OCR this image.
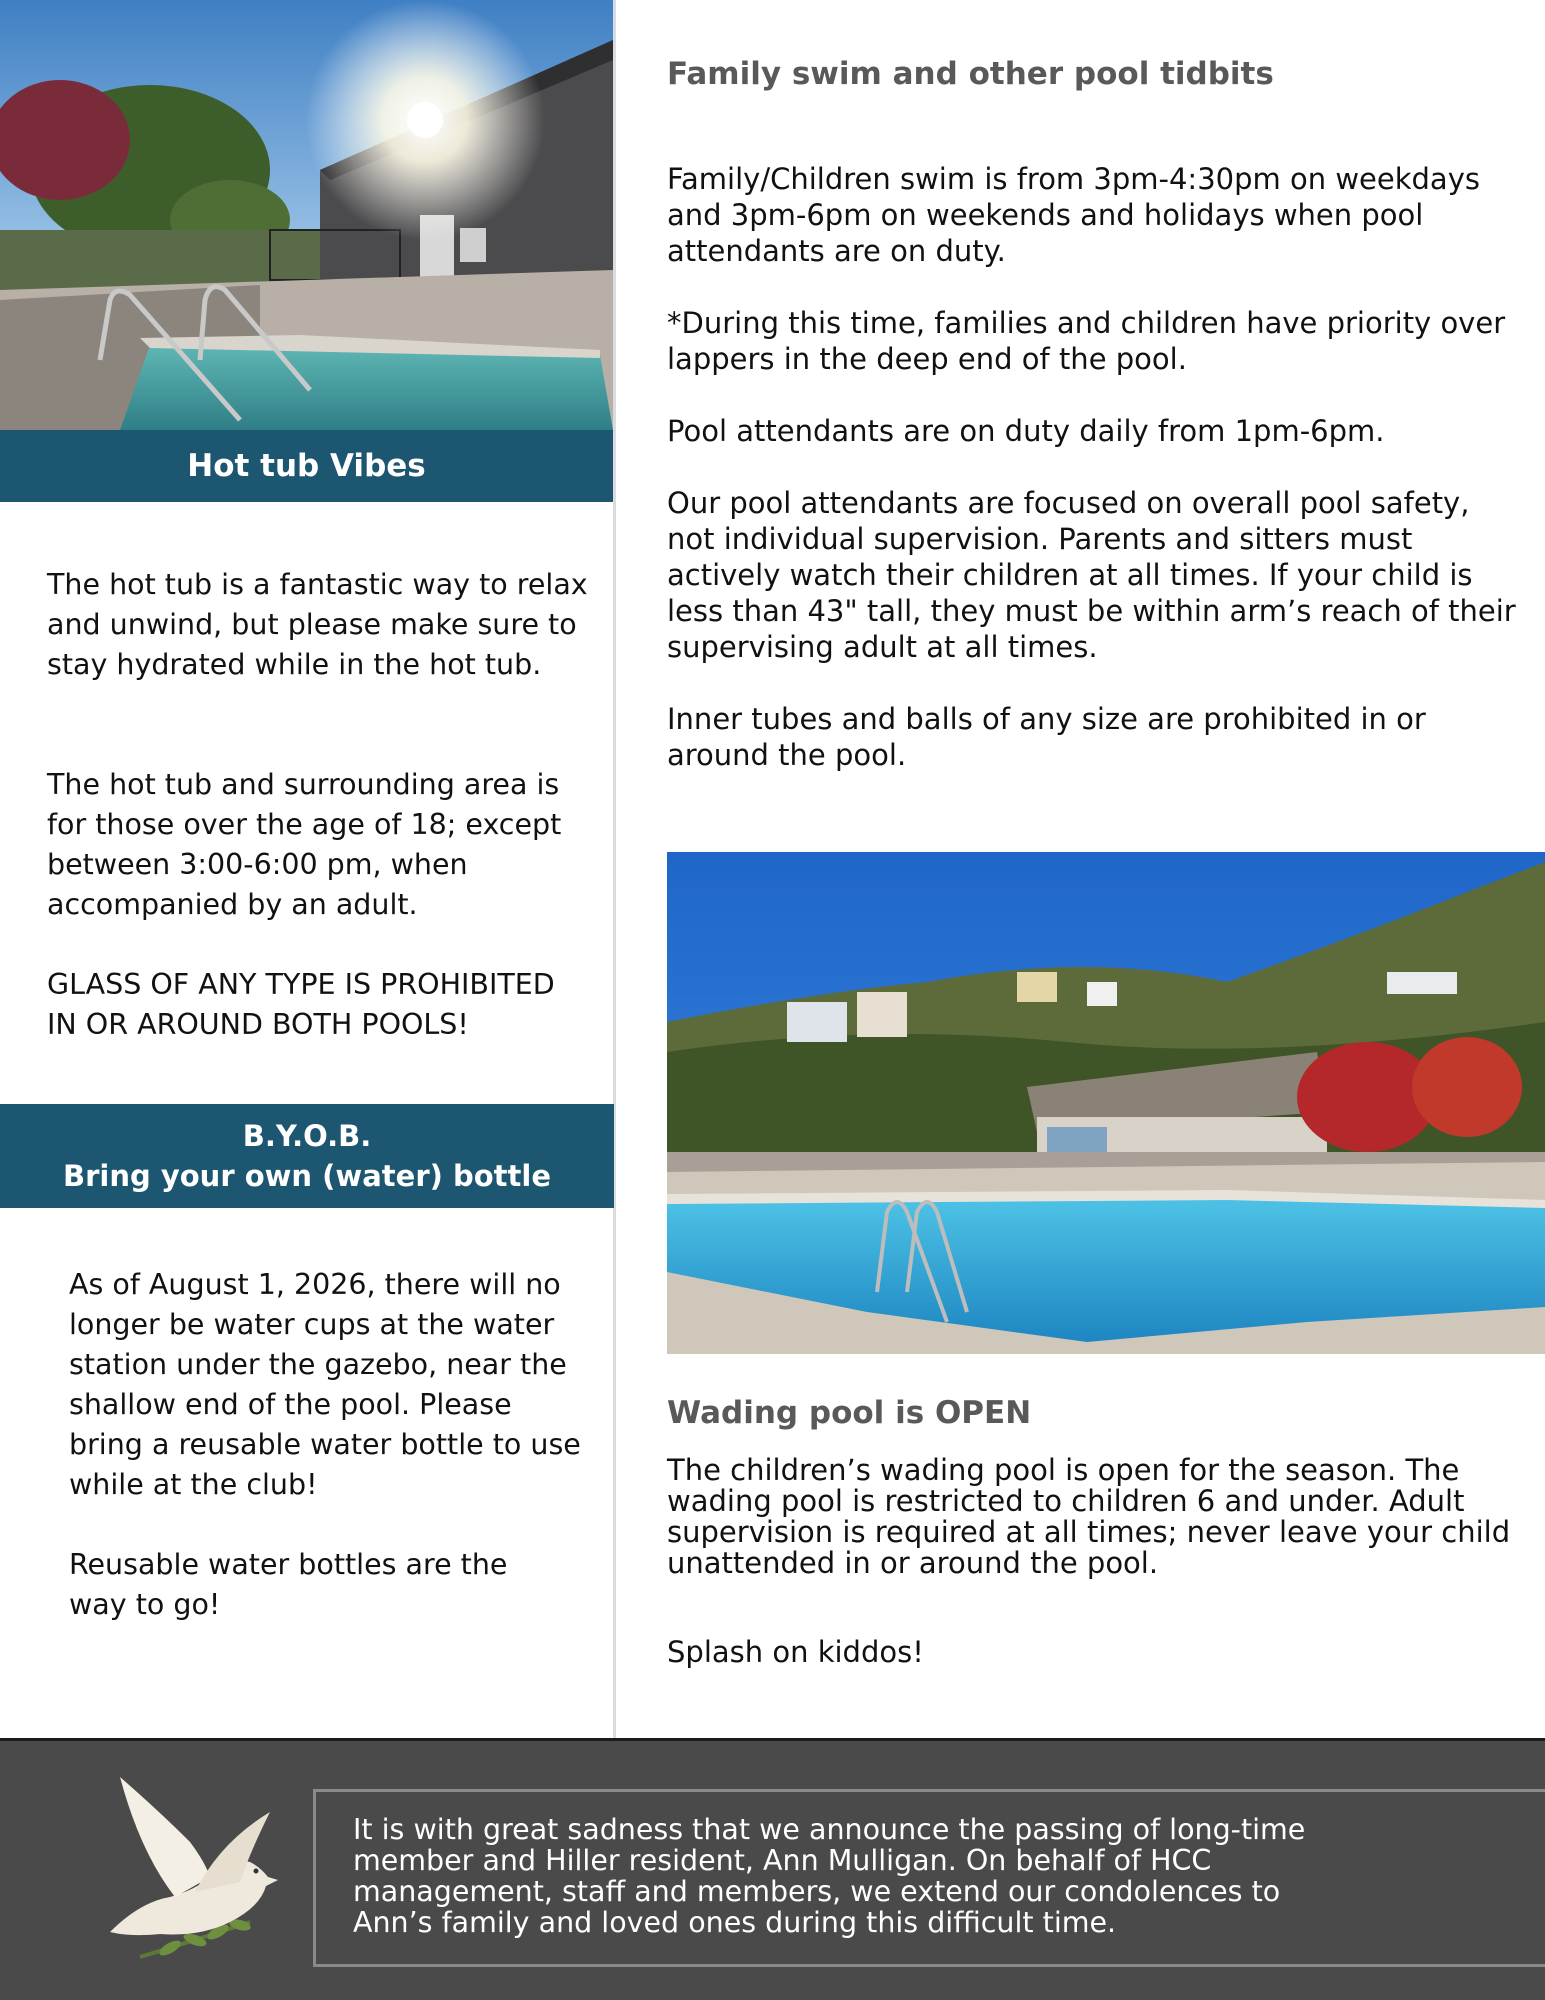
Hot tub Vibes
The hot tub is a fantastic way to relax and unwind, but please make sure to stay hydrated while in the hot tub.
The hot tub and surrounding area is for those over the age of 18; except between 3:00-6:00 pm, when accompanied by an adult.
GLASS OF ANY TYPE IS PROHIBITED IN OR AROUND BOTH POOLS!
B.Y.O.B.
Bring your own (water) bottle
As of August 1, 2026, there will no longer be water cups at the water station under the gazebo, near the shallow end of the pool. Please bring a reusable water bottle to use while at the club!
Reusable water bottles are the way to go!
Family swim and other pool tidbits
Family/Children swim is from 3pm-4:30pm on weekdays and 3pm-6pm on weekends and holidays when pool attendants are on duty.
*During this time, families and children have priority over lappers in the deep end of the pool.
Pool attendants are on duty daily from 1pm-6pm.
Our pool attendants are focused on overall pool safety, not individual supervision. Parents and sitters must actively watch their children at all times. If your child is less than 43" tall, they must be within arm’s reach of their supervising adult at all times.
Inner tubes and balls of any size are prohibited in or around the pool.
Wading pool is OPEN
The children’s wading pool is open for the season. The wading pool is restricted to children 6 and under. Adult supervision is required at all times; never leave your child unattended in or around the pool.
Splash on kiddos!
It is with great sadness that we announce the passing of long-time member and Hiller resident, Ann Mulligan. On behalf of HCC management, staff and members, we extend our condolences to Ann’s family and loved ones during this difficult time.
